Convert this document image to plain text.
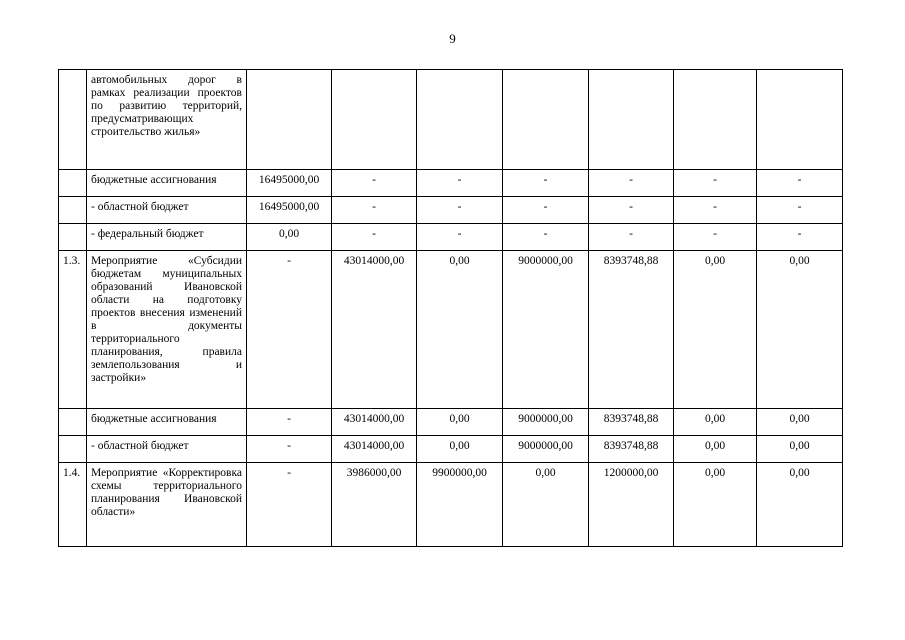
9
	автомобильных дорог в рамках реализации проектов по развитию территорий, предусматривающих строительство жилья»							
	бюджетные ассигнования	16495000,00	-	-	-	-	-	-
	- областной бюджет	16495000,00	-	-	-	-	-	-
	- федеральный бюджет	0,00	-	-	-	-	-	-
1.3.	Мероприятие «Субсидии бюджетам муниципальных образований Ивановской области на подготовку проектов внесения изменений в документы территориального планирования, правила землепользования и застройки»	-	43014000,00	0,00	9000000,00	8393748,88	0,00	0,00
	бюджетные ассигнования	-	43014000,00	0,00	9000000,00	8393748,88	0,00	0,00
	- областной бюджет	-	43014000,00	0,00	9000000,00	8393748,88	0,00	0,00
1.4.	Мероприятие «Корректировка схемы территориального планирования Ивановской области»	-	3986000,00	9900000,00	0,00	1200000,00	0,00	0,00
